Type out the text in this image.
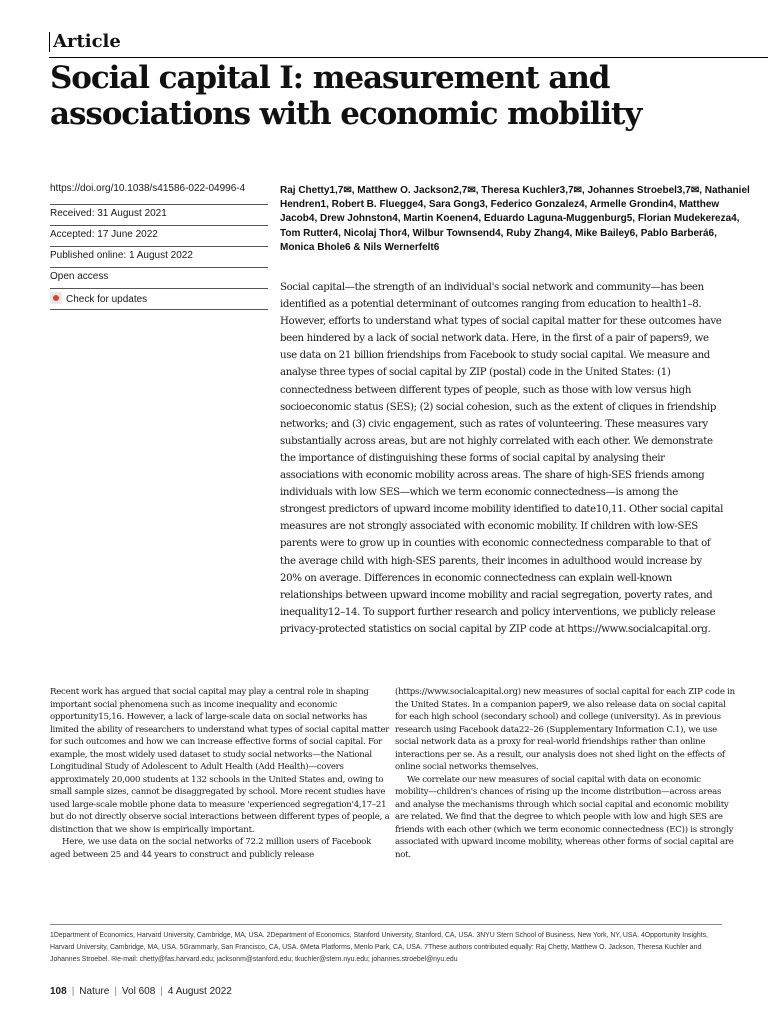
Article
Social capital I: measurement and associations with economic mobility
https://doi.org/10.1038/s41586-022-04996-4
Received: 31 August 2021
Accepted: 17 June 2022
Published online: 1 August 2022
Open access
Check for updates

Raj Chetty1,7✉, Matthew O. Jackson2,7✉, Theresa Kuchler3,7✉, Johannes Stroebel3,7✉, Nathaniel Hendren1, Robert B. Fluegge4, Sara Gong3, Federico Gonzalez4, Armelle Grondin4, Matthew Jacob4, Drew Johnston4, Martin Koenen4, Eduardo Laguna-Muggenburg5, Florian Mudekereza4, Tom Rutter4, Nicolaj Thor4, Wilbur Townsend4, Ruby Zhang4, Mike Bailey6, Pablo Barberá6, Monica Bhole6 & Nils Wernerfelt6

Social capital—the strength of an individual's social network and community—has been identified as a potential determinant of outcomes ranging from education to health1–8. However, efforts to understand what types of social capital matter for these outcomes have been hindered by a lack of social network data. Here, in the first of a pair of papers9, we use data on 21 billion friendships from Facebook to study social capital. We measure and analyse three types of social capital by ZIP (postal) code in the United States: (1) connectedness between different types of people, such as those with low versus high socioeconomic status (SES); (2) social cohesion, such as the extent of cliques in friendship networks; and (3) civic engagement, such as rates of volunteering. These measures vary substantially across areas, but are not highly correlated with each other. We demonstrate the importance of distinguishing these forms of social capital by analysing their associations with economic mobility across areas. The share of high-SES friends among individuals with low SES—which we term economic connectedness—is among the strongest predictors of upward income mobility identified to date10,11. Other social capital measures are not strongly associated with economic mobility. If children with low-SES parents were to grow up in counties with economic connectedness comparable to that of the average child with high-SES parents, their incomes in adulthood would increase by 20% on average. Differences in economic connectedness can explain well-known relationships between upward income mobility and racial segregation, poverty rates, and inequality12–14. To support further research and policy interventions, we publicly release privacy-protected statistics on social capital by ZIP code at https://www.socialcapital.org.

Recent work has argued that social capital may play a central role in shaping important social phenomena such as income inequality and economic opportunity15,16. However, a lack of large-scale data on social networks has limited the ability of researchers to understand what types of social capital matter for such outcomes and how we can increase effective forms of social capital. For example, the most widely used dataset to study social networks—the National Longitudinal Study of Adolescent to Adult Health (Add Health)—covers approximately 20,000 students at 132 schools in the United States and, owing to small sample sizes, cannot be disaggregated by school. More recent studies have used large-scale mobile phone data to measure 'experienced segregation'4,17–21 but do not directly observe social interactions between different types of people, a distinction that we show is empirically important.

Here, we use data on the social networks of 72.2 million users of Facebook aged between 25 and 44 years to construct and publicly release

(https://www.socialcapital.org) new measures of social capital for each ZIP code in the United States. In a companion paper9, we also release data on social capital for each high school (secondary school) and college (university). As in previous research using Facebook data22–26 (Supplementary Information C.1), we use social network data as a proxy for real-world friendships rather than online interactions per se. As a result, our analysis does not shed light on the effects of online social networks themselves.

We correlate our new measures of social capital with data on economic mobility—children's chances of rising up the income distribution—across areas and analyse the mechanisms through which social capital and economic mobility are related. We find that the degree to which people with low and high SES are friends with each other (which we term economic connectedness (EC)) is strongly associated with upward income mobility, whereas other forms of social capital are not.

1Department of Economics, Harvard University, Cambridge, MA, USA. 2Department of Economics, Stanford University, Stanford, CA, USA. 3NYU Stern School of Business, New York, NY, USA. 4Opportunity Insights, Harvard University, Cambridge, MA, USA. 5Grammarly, San Francisco, CA, USA. 6Meta Platforms, Menlo Park, CA, USA. 7These authors contributed equally: Raj Chetty, Matthew O. Jackson, Theresa Kuchler and Johannes Stroebel. ✉e-mail: chetty@fas.harvard.edu; jacksonm@stanford.edu; tkuchler@stern.nyu.edu; johannes.stroebel@nyu.edu

108 | Nature | Vol 608 | 4 August 2022
